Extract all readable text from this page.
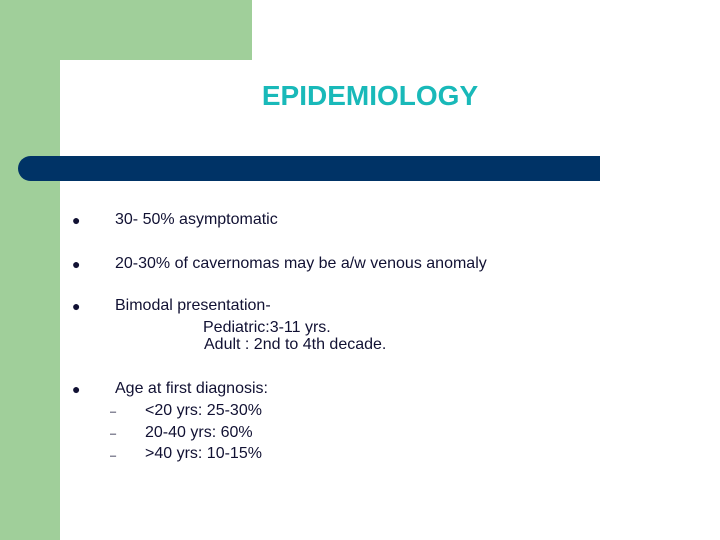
EPIDEMIOLOGY
● 30- 50% asymptomatic
● 20-30% of cavernomas may be a/w venous anomaly
● Bimodal presentation-
Pediatric:3-11 yrs.
Adult : 2nd to 4th decade.
● Age at first diagnosis:
– <20 yrs: 25-30%
– 20-40 yrs: 60%
– >40 yrs: 10-15%
